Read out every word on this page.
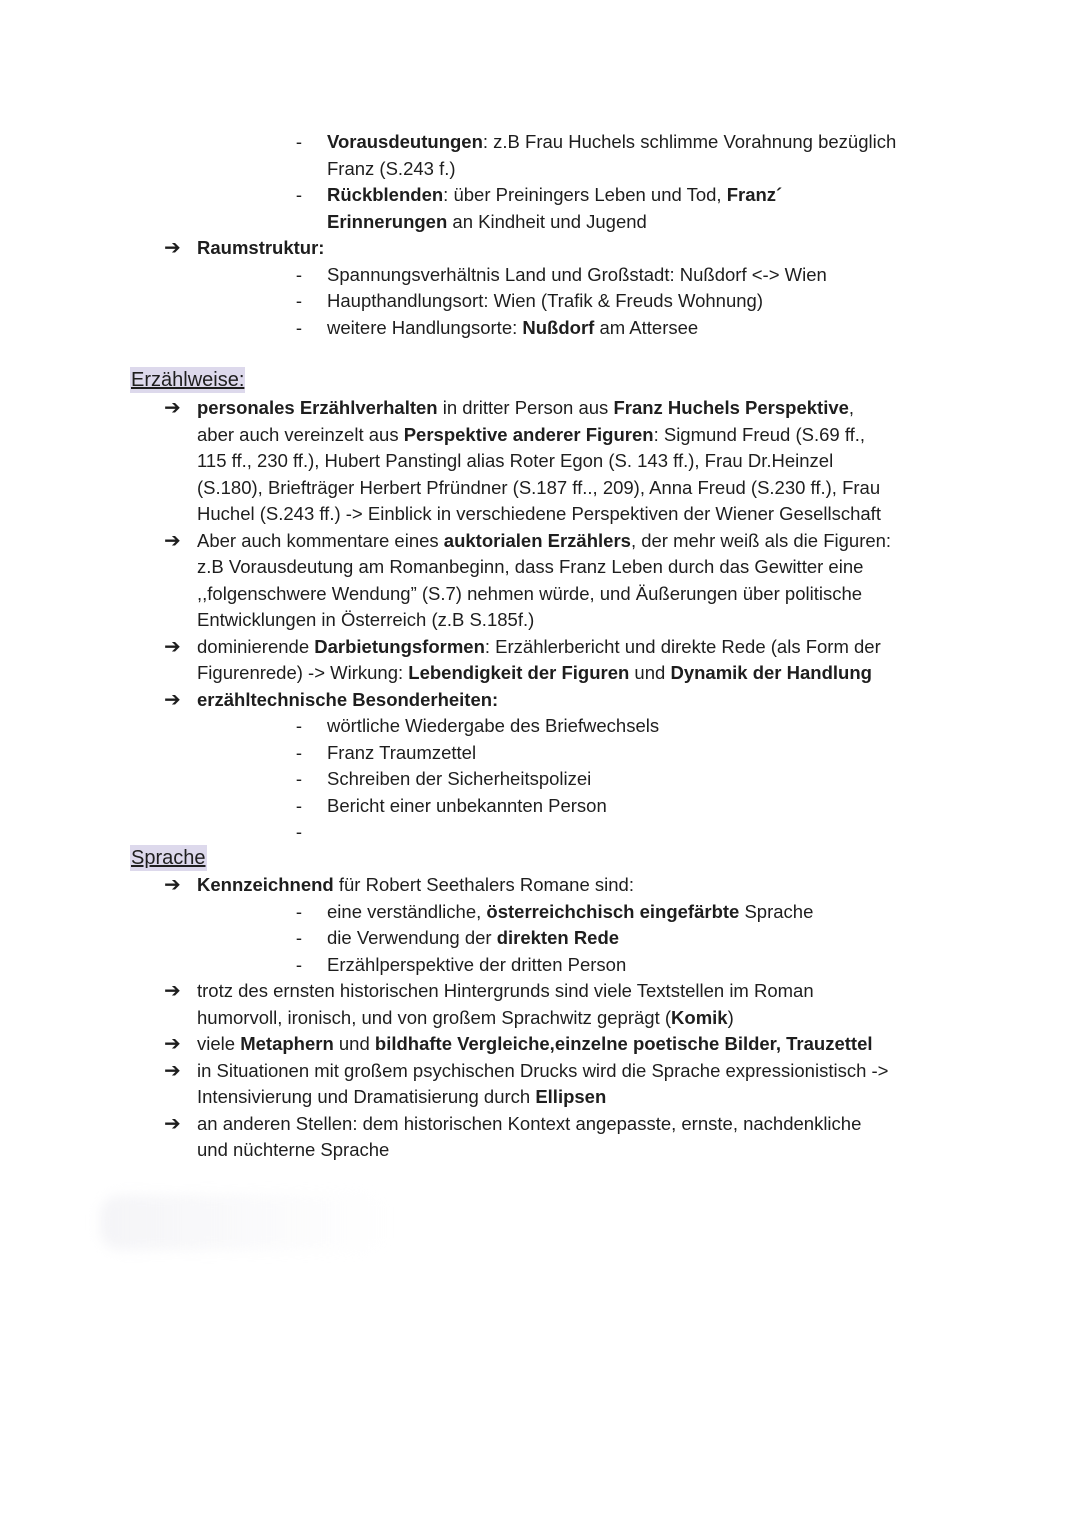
- Vorausdeutungen: z.B Frau Huchels schlimme Vorahnung bezüglich
Franz (S.243 f.)
- Rückblenden: über Preiningers Leben und Tod, Franz´
Erinnerungen an Kindheit und Jugend
➔ Raumstruktur:
- Spannungsverhältnis Land und Großstadt: Nußdorf <-> Wien
- Haupthandlungsort: Wien (Trafik & Freuds Wohnung)
- weitere Handlungsorte: Nußdorf am Attersee
Erzählweise:
➔ personales Erzählverhalten in dritter Person aus Franz Huchels Perspektive,
aber auch vereinzelt aus Perspektive anderer Figuren: Sigmund Freud (S.69 ff.,
115 ff., 230 ff.), Hubert Panstingl alias Roter Egon (S. 143 ff.), Frau Dr.Heinzel
(S.180), Briefträger Herbert Pfründner (S.187 ff.., 209), Anna Freud (S.230 ff.), Frau
Huchel (S.243 ff.) -> Einblick in verschiedene Perspektiven der Wiener Gesellschaft
➔ Aber auch kommentare eines auktorialen Erzählers, der mehr weiß als die Figuren:
z.B Vorausdeutung am Romanbeginn, dass Franz Leben durch das Gewitter eine
,,folgenschwere Wendung” (S.7) nehmen würde, und Äußerungen über politische
Entwicklungen in Österreich (z.B S.185f.)
➔ dominierende Darbietungsformen: Erzählerbericht und direkte Rede (als Form der
Figurenrede) -> Wirkung: Lebendigkeit der Figuren und Dynamik der Handlung
➔ erzähltechnische Besonderheiten:
- wörtliche Wiedergabe des Briefwechsels
- Franz Traumzettel
- Schreiben der Sicherheitspolizei
- Bericht einer unbekannten Person
-
Sprache
➔ Kennzeichnend für Robert Seethalers Romane sind:
- eine verständliche, österreichchisch eingefärbte Sprache
- die Verwendung der direkten Rede
- Erzählperspektive der dritten Person
➔ trotz des ernsten historischen Hintergrunds sind viele Textstellen im Roman
humorvoll, ironisch, und von großem Sprachwitz geprägt (Komik)
➔ viele Metaphern und bildhafte Vergleiche,einzelne poetische Bilder, Trauzettel
➔ in Situationen mit großem psychischen Drucks wird die Sprache expressionistisch ->
Intensivierung und Dramatisierung durch Ellipsen
➔ an anderen Stellen: dem historischen Kontext angepasste, ernste, nachdenkliche
und nüchterne Sprache
